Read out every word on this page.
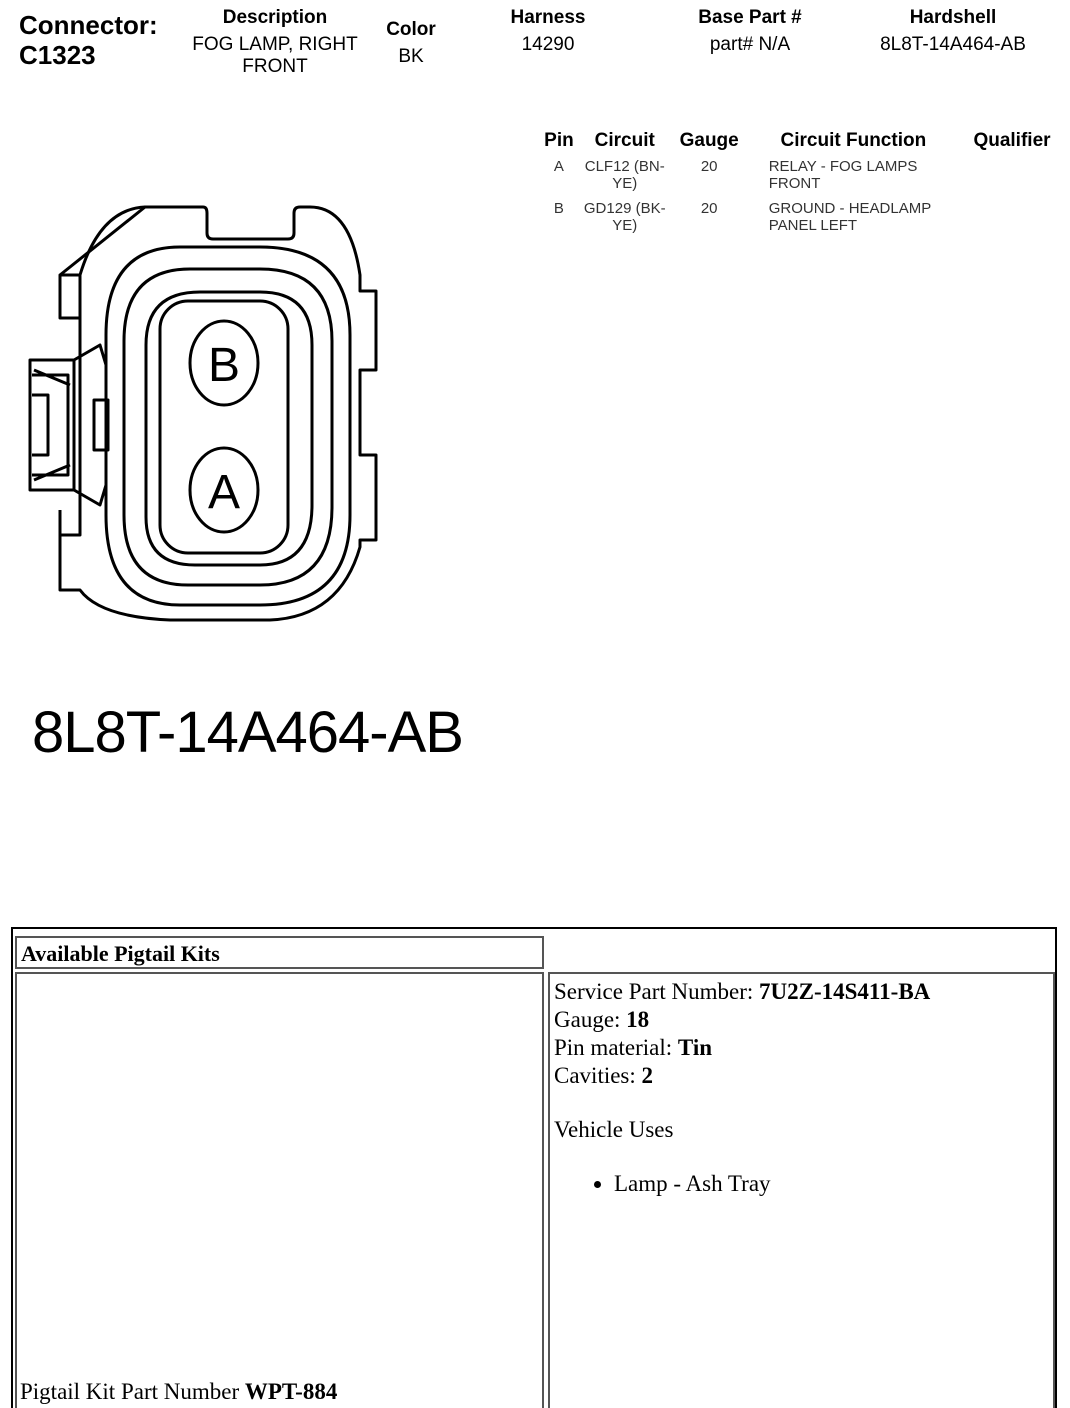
Connector:
C1323
Description
FOG LAMP, RIGHT FRONT
Color
BK
Harness
14290
Base Part #
part# N/A
Hardshell
8L8T-14A464-AB
Pin	Circuit	Gauge	Circuit Function	Qualifier
A	CLF12 (BN-YE)	20	RELAY - FOG LAMPS FRONT	
B	GD129 (BK-YE)	20	GROUND - HEADLAMP PANEL LEFT	
B
A
8L8T-14A464-AB
Available Pigtail Kits
Pigtail Kit Part Number WPT-884
Service Part Number: 7U2Z-14S411-BA
Gauge: 18
Pin material: Tin
Cavities: 2
Vehicle Uses
• Lamp - Ash Tray
